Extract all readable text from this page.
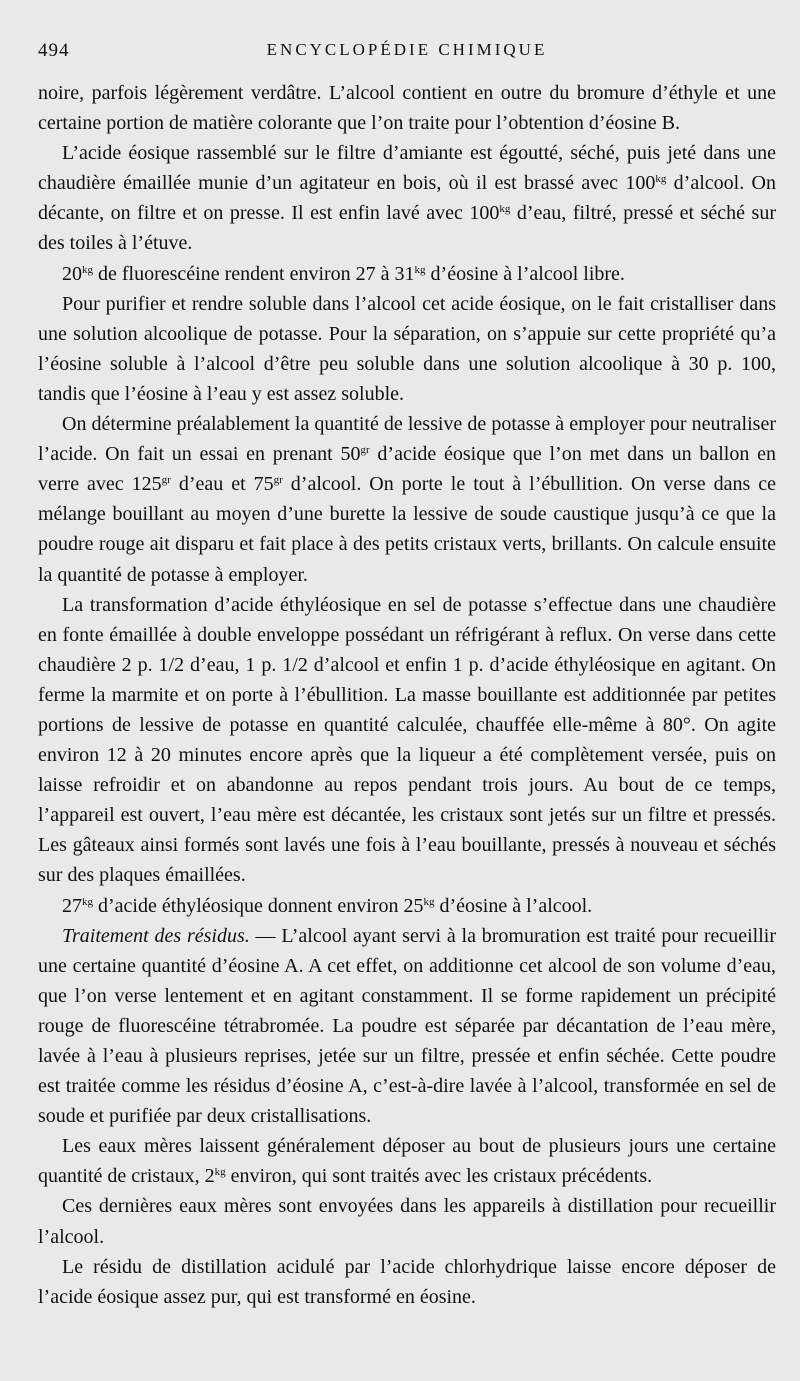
494	ENCYCLOPÉDIE CHIMIQUE

noire, parfois légèrement verdâtre. L’alcool contient en outre du bromure d’éthyle et une certaine portion de matière colorante que l’on traite pour l’obtention d’éosine B.

L’acide éosique rassemblé sur le filtre d’amiante est égoutté, séché, puis jeté dans une chaudière émaillée munie d’un agitateur en bois, où il est brassé avec $100^{kg}$ d’alcool. On décante, on filtre et on presse. Il est enfin lavé avec $100^{kg}$ d’eau, filtré, pressé et séché sur des toiles à l’étuve.

$20^{kg}$ de fluorescéine rendent environ 27 à $31^{kg}$ d’éosine à l’alcool libre.

Pour purifier et rendre soluble dans l’alcool cet acide éosique, on le fait cristalliser dans une solution alcoolique de potasse. Pour la séparation, on s’appuie sur cette propriété qu’a l’éosine soluble à l’alcool d’être peu soluble dans une solution alcoolique à 30 p. 100, tandis que l’éosine à l’eau y est assez soluble.

On détermine préalablement la quantité de lessive de potasse à employer pour neutraliser l’acide. On fait un essai en prenant $50^{gr}$ d’acide éosique que l’on met dans un ballon en verre avec $125^{gr}$ d’eau et $75^{gr}$ d’alcool. On porte le tout à l’ébullition. On verse dans ce mélange bouillant au moyen d’une burette la lessive de soude caustique jusqu’à ce que la poudre rouge ait disparu et fait place à des petits cristaux verts, brillants. On calcule ensuite la quantité de potasse à employer.

La transformation d’acide éthyléosique en sel de potasse s’effectue dans une chaudière en fonte émaillée à double enveloppe possédant un réfrigérant à reflux. On verse dans cette chaudière 2 p. 1/2 d’eau, 1 p. 1/2 d’alcool et enfin 1 p. d’acide éthyléosique en agitant. On ferme la marmite et on porte à l’ébullition. La masse bouillante est additionnée par petites portions de lessive de potasse en quantité calculée, chauffée elle-même à 80°. On agite environ 12 à 20 minutes encore après que la liqueur a été complètement versée, puis on laisse refroidir et on abandonne au repos pendant trois jours. Au bout de ce temps, l’appareil est ouvert, l’eau mère est décantée, les cristaux sont jetés sur un filtre et pressés. Les gâteaux ainsi formés sont lavés une fois à l’eau bouillante, pressés à nouveau et séchés sur des plaques émaillées.

$27^{kg}$ d’acide éthyléosique donnent environ $25^{kg}$ d’éosine à l’alcool.

Traitement des résidus. — L’alcool ayant servi à la bromuration est traité pour recueillir une certaine quantité d’éosine A. A cet effet, on additionne cet alcool de son volume d’eau, que l’on verse lentement et en agitant constamment. Il se forme rapidement un précipité rouge de fluorescéine tétrabromée. La poudre est séparée par décantation de l’eau mère, lavée à l’eau à plusieurs reprises, jetée sur un filtre, pressée et enfin séchée. Cette poudre est traitée comme les résidus d’éosine A, c’est-à-dire lavée à l’alcool, transformée en sel de soude et purifiée par deux cristallisations.

Les eaux mères laissent généralement déposer au bout de plusieurs jours une certaine quantité de cristaux, $2^{kg}$ environ, qui sont traités avec les cristaux précédents.

Ces dernières eaux mères sont envoyées dans les appareils à distillation pour recueillir l’alcool.

Le résidu de distillation acidulé par l’acide chlorhydrique laisse encore déposer de l’acide éosique assez pur, qui est transformé en éosine.
